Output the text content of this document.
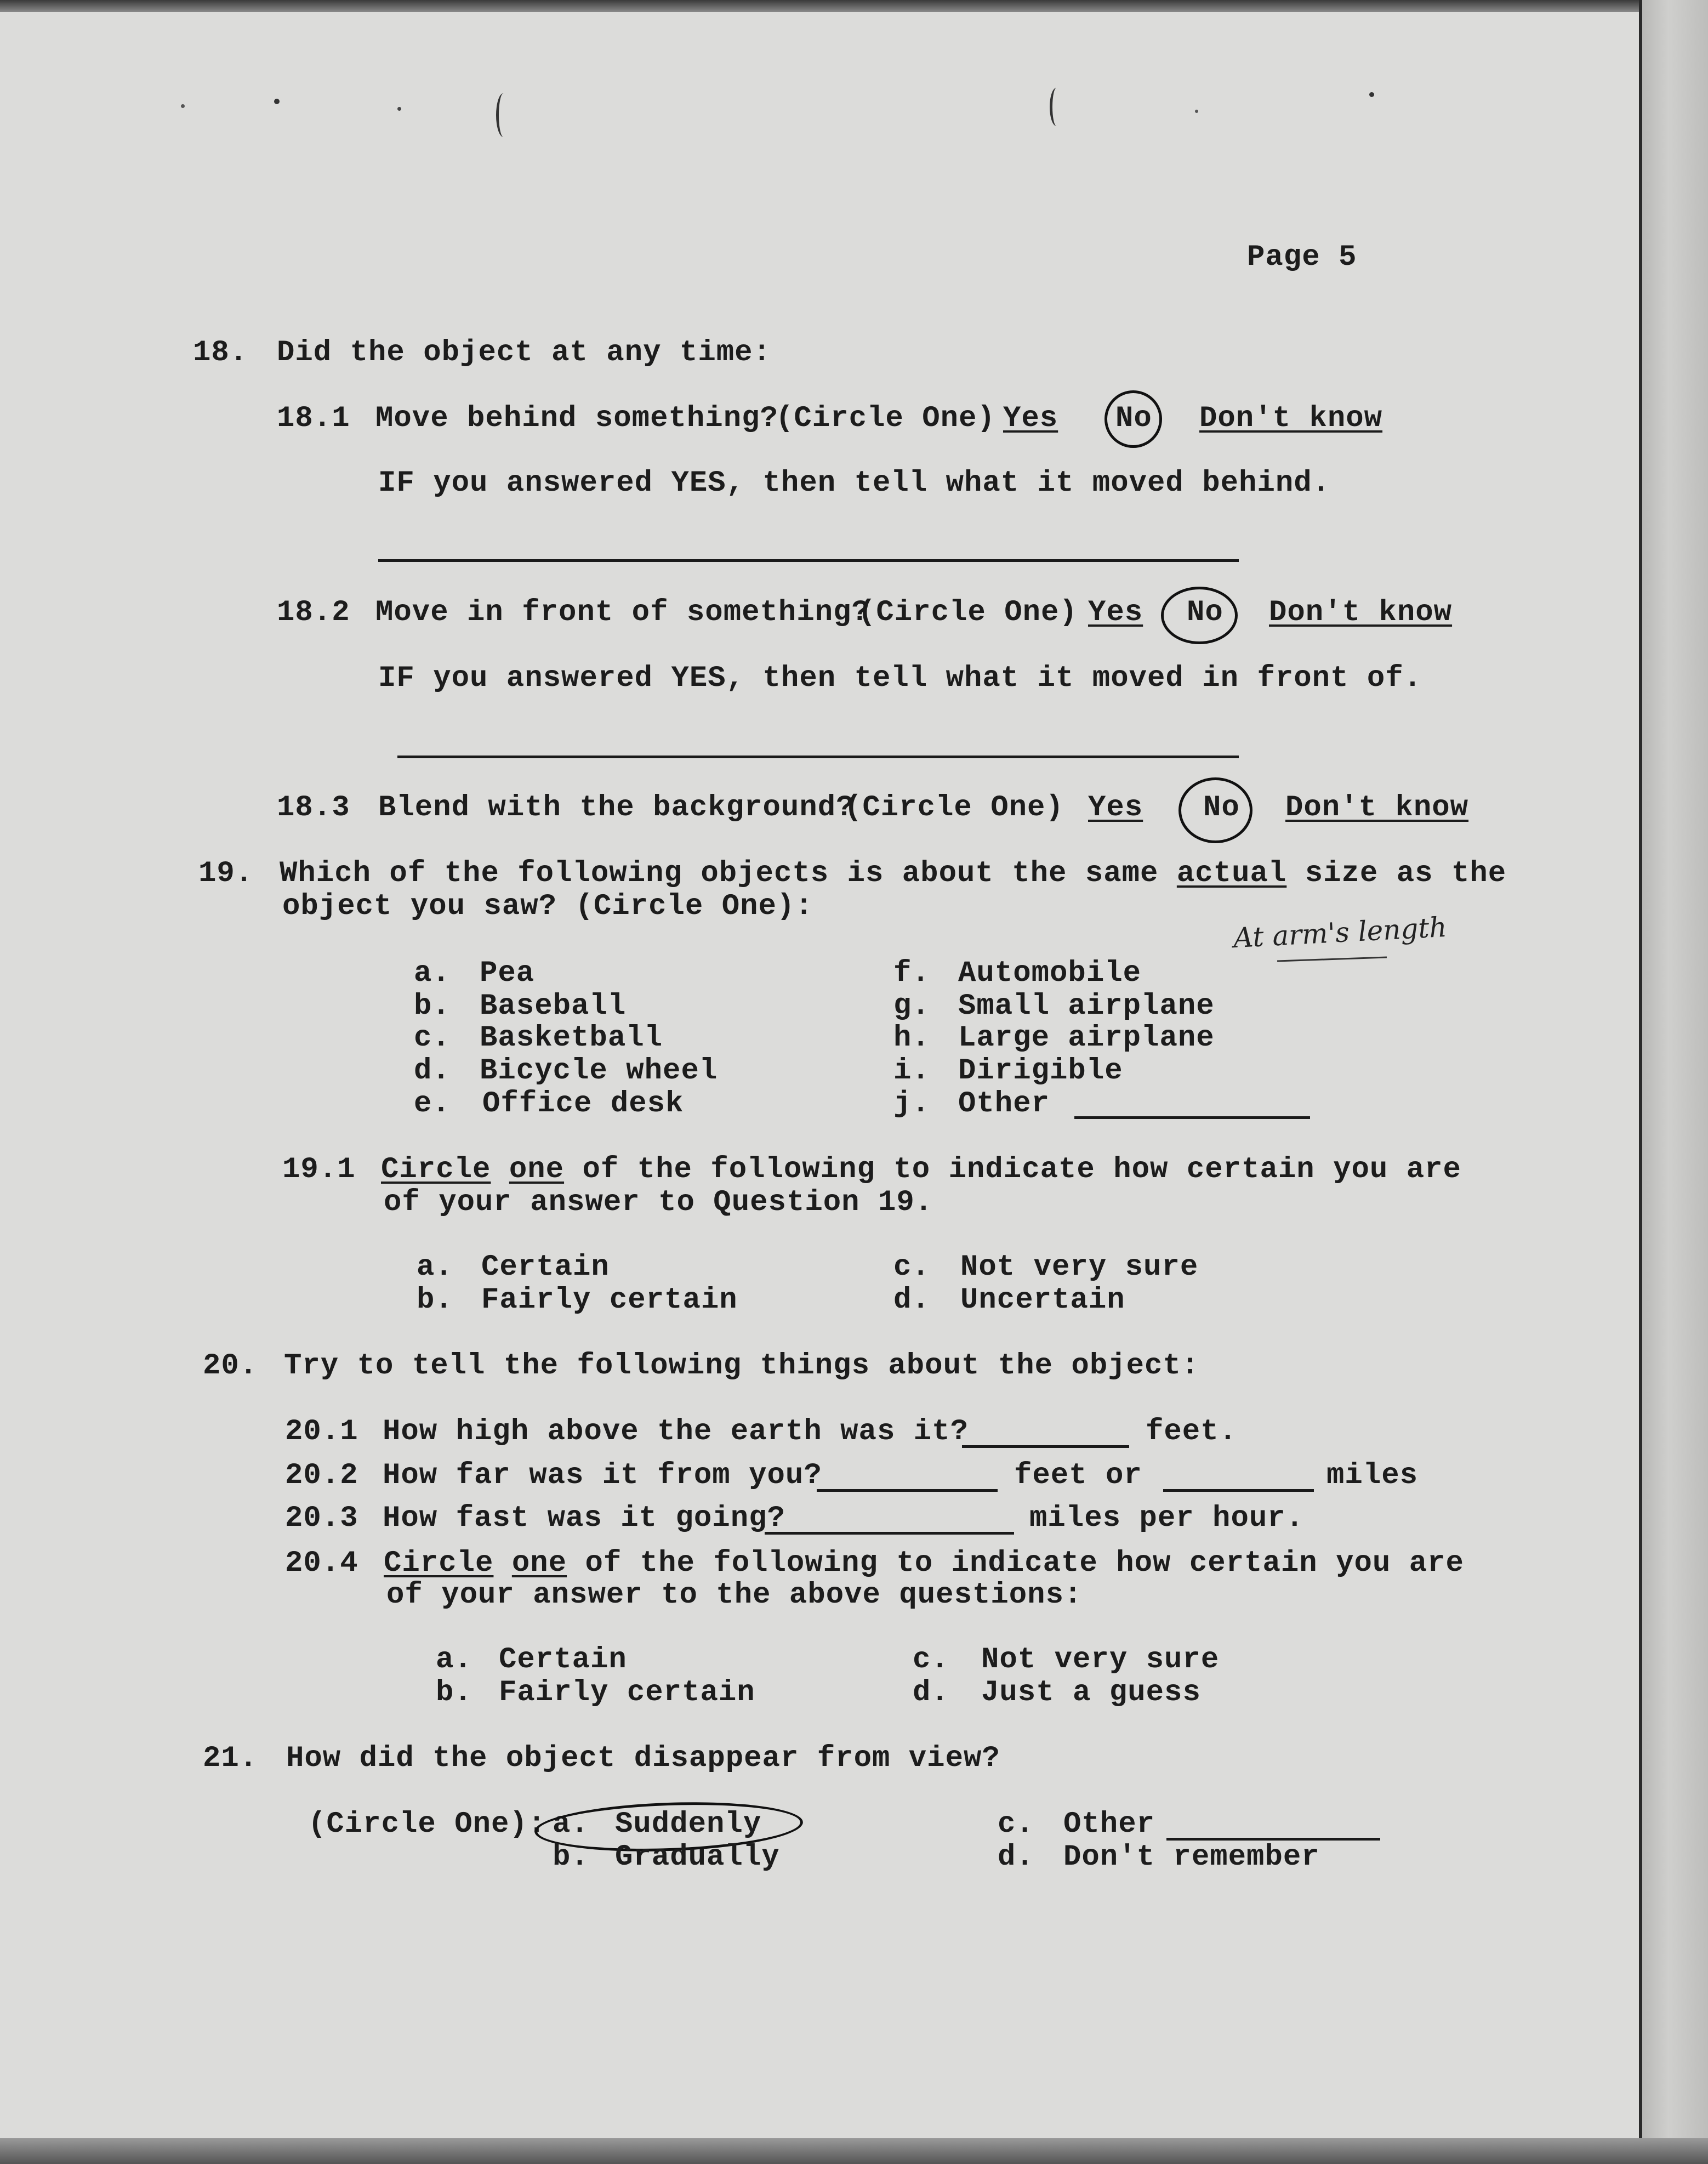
Page 5
18. Did the object at any time:
18.1 Move behind something?
(Circle One) Yes No Don't know
IF you answered YES, then tell what it moved behind.
18.2 Move in front of something?
(Circle One) Yes No Don't know
IF you answered YES, then tell what it moved in front of.
18.3 Blend with the background?
(Circle One) Yes No Don't know
19. Which of the following objects is about the same actual size as the
object you saw? (Circle One):
At arm's length
a. Pea
b. Baseball
c. Basketball
d. Bicycle wheel
e. Office desk
f. Automobile
g. Small airplane
h. Large airplane
i. Dirigible
j. Other
19.1 Circle one of the following to indicate how certain you are
of your answer to Question 19.
a. Certain
b. Fairly certain
c. Not very sure
d. Uncertain
20. Try to tell the following things about the object:
20.1 How high above the earth was it?	feet.
20.2 How far was it from you?	feet or	miles
20.3 How fast was it going?	miles per hour.
20.4 Circle one of the following to indicate how certain you are
of your answer to the above questions:
a. Certain
b. Fairly certain
c. Not very sure
d. Just a guess
21. How did the object disappear from view?
(Circle One): a. Suddenly
b. Gradually
c. Other
d. Don't remember
